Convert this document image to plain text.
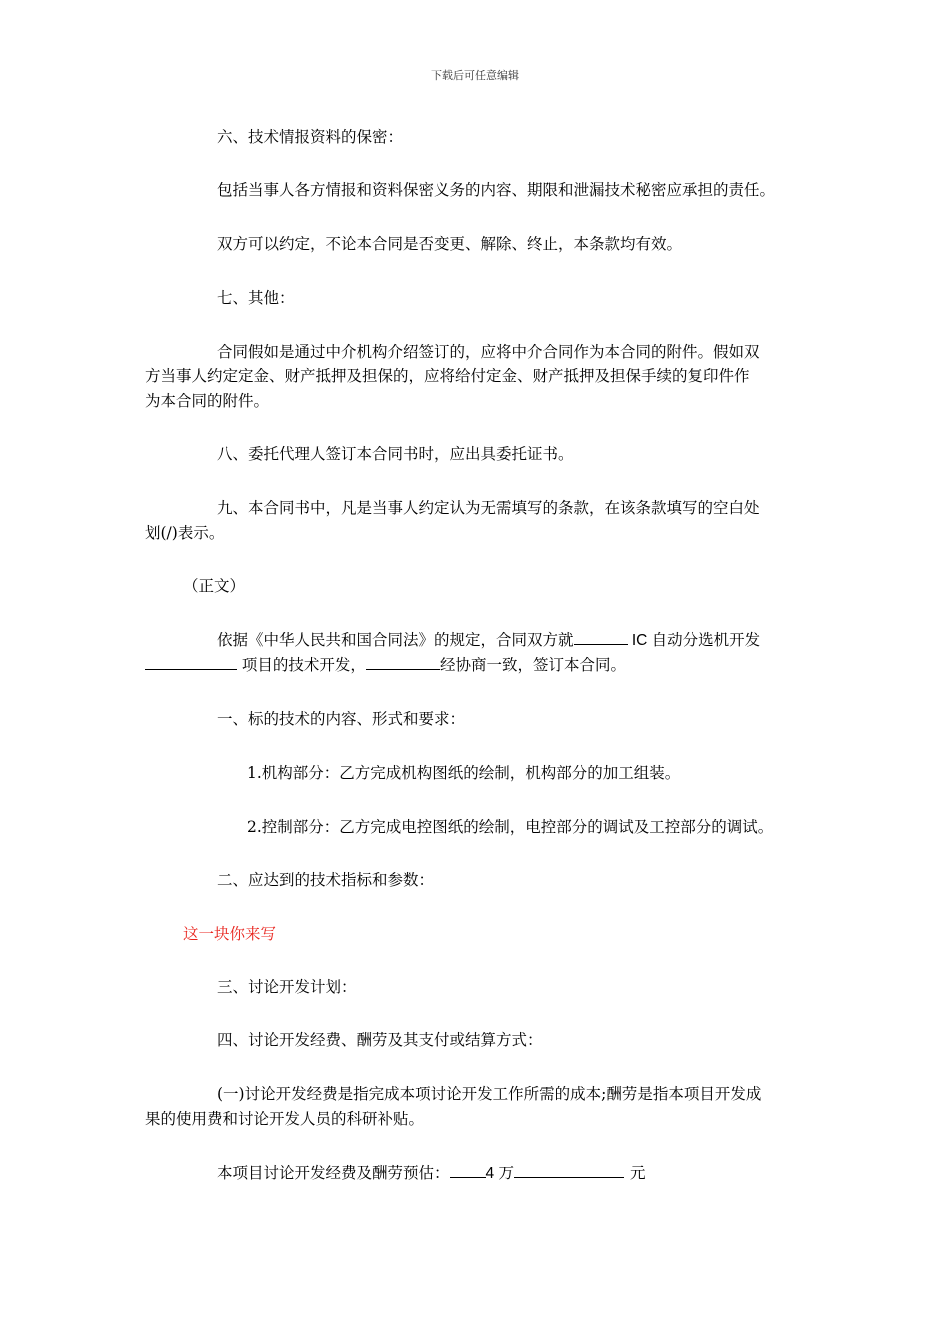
下载后可任意编辑
六、技术情报资料的保密：
包括当事人各方情报和资料保密义务的内容、期限和泄漏技术秘密应承担的责任。
双方可以约定，不论本合同是否变更、解除、终止，本条款均有效。
七、其他：
合同假如是通过中介机构介绍签订的，应将中介合同作为本合同的附件。假如双
方当事人约定定金、财产抵押及担保的，应将给付定金、财产抵押及担保手续的复印件作
为本合同的附件。
八、委托代理人签订本合同书时，应出具委托证书。
九、本合同书中，凡是当事人约定认为无需填写的条款，在该条款填写的空白处
划(/)表示。
（正文）
依据《中华人民共和国合同法》的规定，合同双方就	IC 自动分选机开发
项目的技术开发，	经协商一致，签订本合同。
一、标的技术的内容、形式和要求：
1.机构部分：乙方完成机构图纸的绘制，机构部分的加工组装。
2.控制部分：乙方完成电控图纸的绘制，电控部分的调试及工控部分的调试。
二、应达到的技术指标和参数：
这一块你来写
三、讨论开发计划：
四、讨论开发经费、酬劳及其支付或结算方式：
(一)讨论开发经费是指完成本项讨论开发工作所需的成本;酬劳是指本项目开发成
果的使用费和讨论开发人员的科研补贴。
本项目讨论开发经费及酬劳预估： 4 万	元
